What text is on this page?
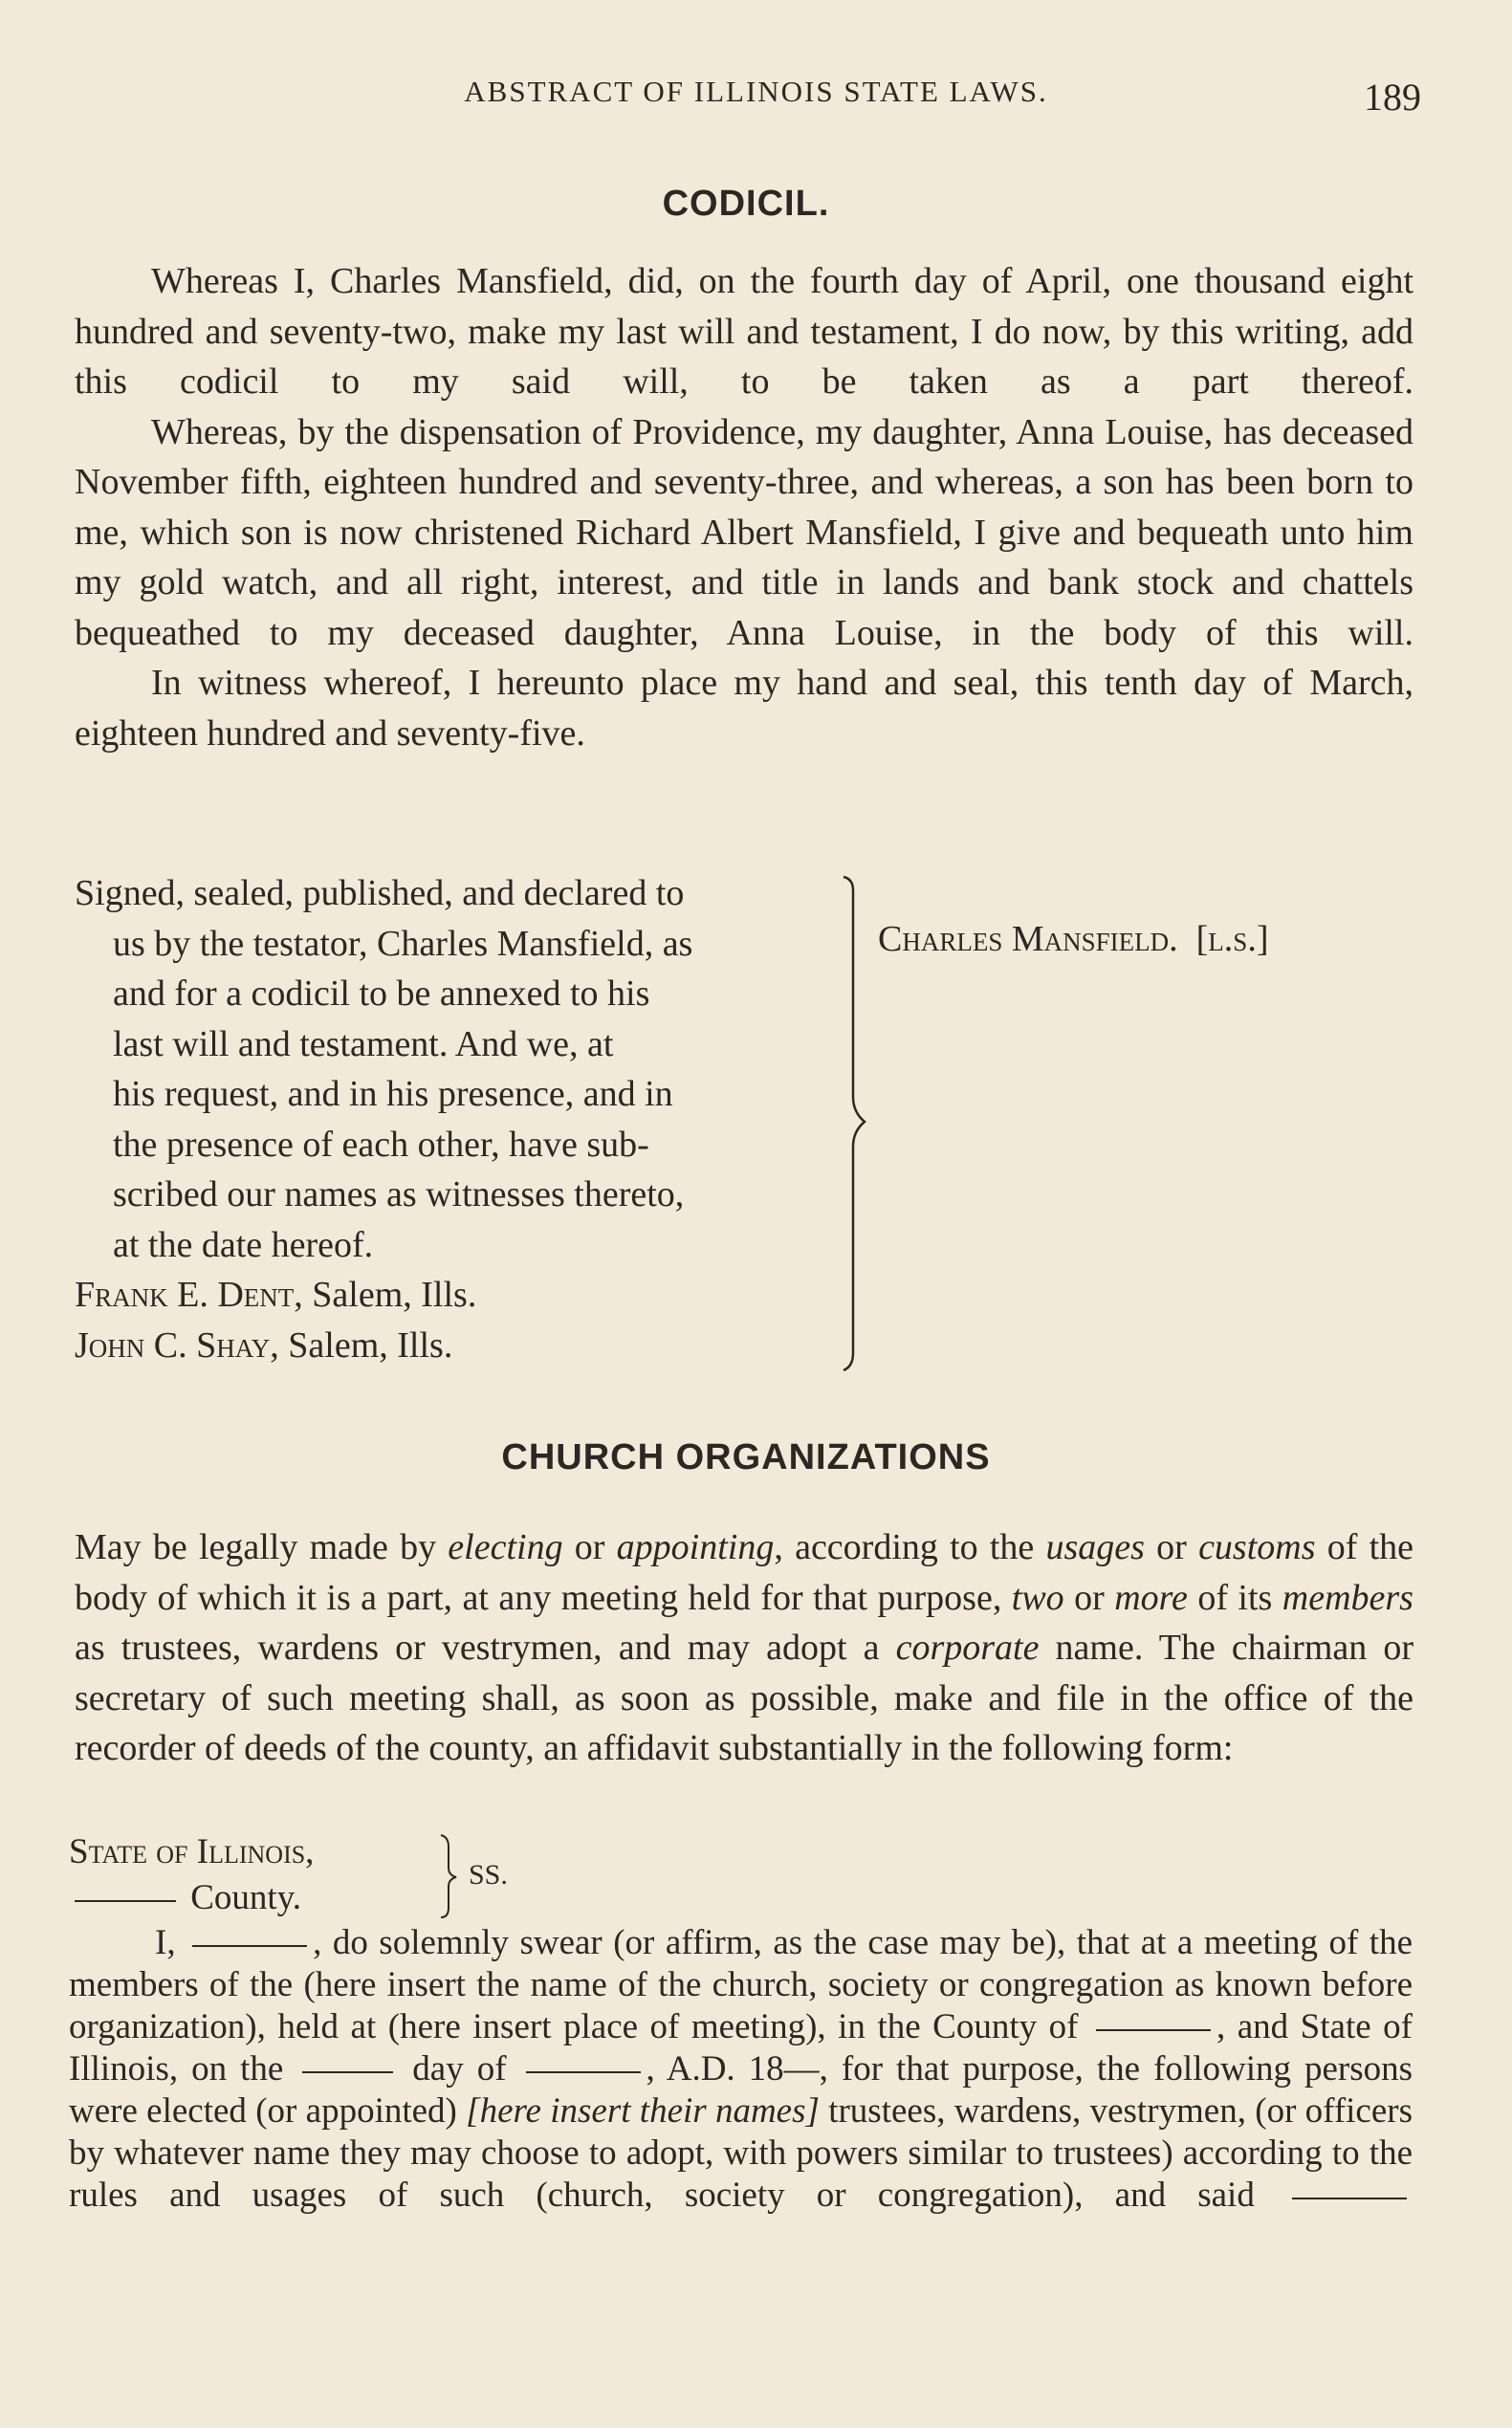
ABSTRACT OF ILLINOIS STATE LAWS.	189
CODICIL.

Whereas I, Charles Mansfield, did, on the fourth day of April, one thousand eight hundred and seventy-two, make my last will and testament, I do now, by this writing, add this codicil to my said will, to be taken as a part thereof.

Whereas, by the dispensation of Providence, my daughter, Anna Louise, has deceased November fifth, eighteen hundred and seventy-three, and whereas, a son has been born to me, which son is now christened Richard Albert Mansfield, I give and bequeath unto him my gold watch, and all right, interest, and title in lands and bank stock and chattels bequeathed to my deceased daughter, Anna Louise, in the body of this will.

In witness whereof, I hereunto place my hand and seal, this tenth day of March, eighteen hundred and seventy-five.

Signed, sealed, published, and declared to
us by the testator, Charles Mansfield, as
and for a codicil to be annexed to his
last will and testament. And we, at
his request, and in his presence, and in
the presence of each other, have sub-
scribed our names as witnesses thereto,
at the date hereof.
Frank E. Dent, Salem, Ills.
John C. Shay, Salem, Ills.
Charles Mansfield. [l.s.]
CHURCH ORGANIZATIONS

May be legally made by electing or appointing, according to the usages or customs of the body of which it is a part, at any meeting held for that purpose, two or more of its members as trustees, wardens or vestrymen, and may adopt a corporate name. The chairman or secretary of such meeting shall, as soon as possible, make and file in the office of the recorder of deeds of the county, an affidavit substantially in the following form:

State of Illinois,
County.
SS.

I,	, do solemnly swear (or affirm, as the case may be), that at a meeting of the members of the (here insert the name of the church, society or congregation as known before organization), held at (here insert place of meeting), in the County of	, and State of Illinois, on the	day of	, A.D. 18—, for that purpose, the following persons were elected (or appointed) [here insert their names] trustees, wardens, vestrymen, (or officers by whatever name they may choose to adopt, with powers similar to trustees) according to the rules and usages of such (church, society or congregation), and said
